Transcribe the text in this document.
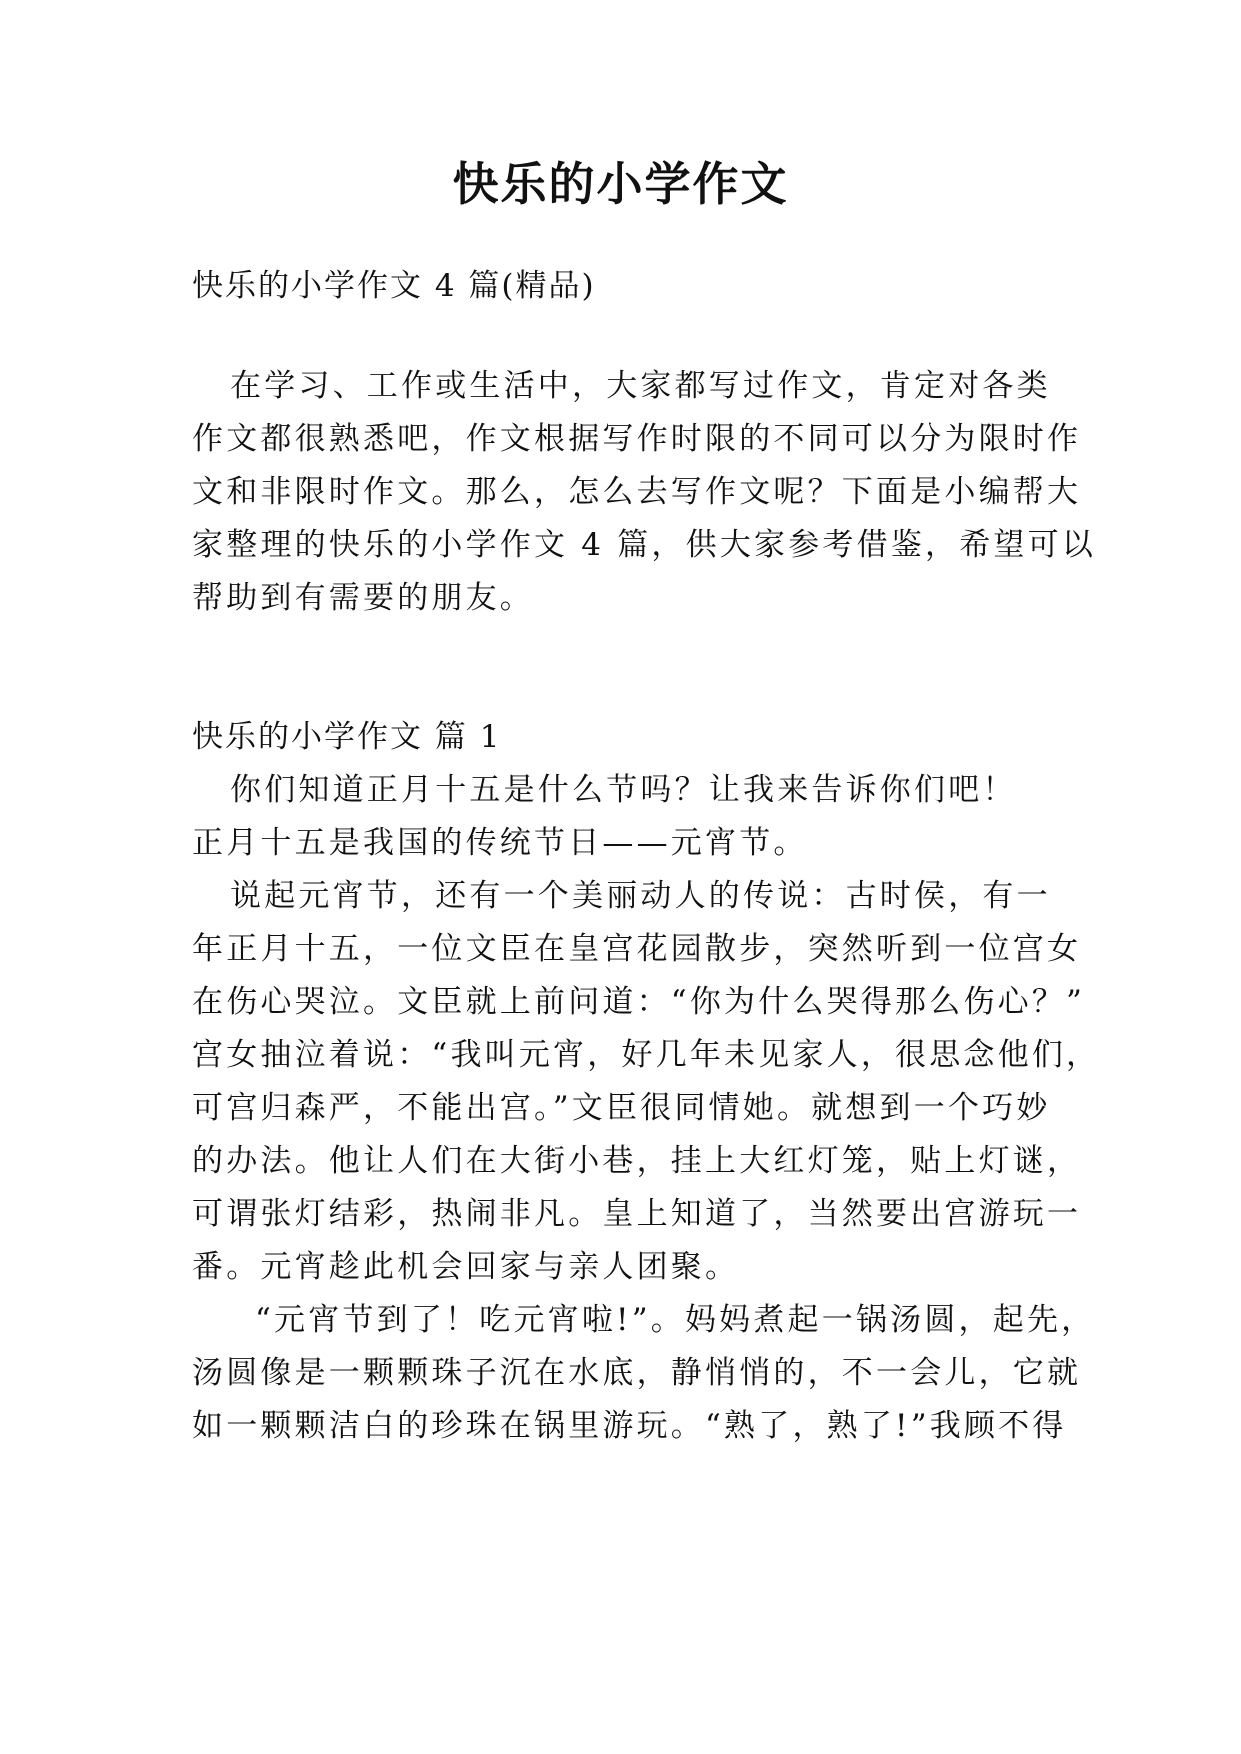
快乐的小学作文
快乐的小学作文 4 篇(精品)
在学习、工作或生活中，大家都写过作文，肯定对各类
作文都很熟悉吧，作文根据写作时限的不同可以分为限时作
文和非限时作文。那么，怎么去写作文呢？下面是小编帮大
家整理的快乐的小学作文 4 篇，供大家参考借鉴，希望可以
帮助到有需要的朋友。
快乐的小学作文 篇 1
你们知道正月十五是什么节吗？让我来告诉你们吧！
正月十五是我国的传统节日——元宵节。
说起元宵节，还有一个美丽动人的传说：古时侯，有一
年正月十五，一位文臣在皇宫花园散步，突然听到一位宫女
在伤心哭泣。文臣就上前问道：“你为什么哭得那么伤心？”
宫女抽泣着说：“我叫元宵，好几年未见家人，很思念他们，
可宫归森严，不能出宫。”文臣很同情她。就想到一个巧妙
的办法。他让人们在大街小巷，挂上大红灯笼，贴上灯谜，
可谓张灯结彩，热闹非凡。皇上知道了，当然要出宫游玩一
番。元宵趁此机会回家与亲人团聚。
“元宵节到了！吃元宵啦!”。妈妈煮起一锅汤圆，起先，
汤圆像是一颗颗珠子沉在水底，静悄悄的，不一会儿，它就
如一颗颗洁白的珍珠在锅里游玩。“熟了，熟了!”我顾不得
